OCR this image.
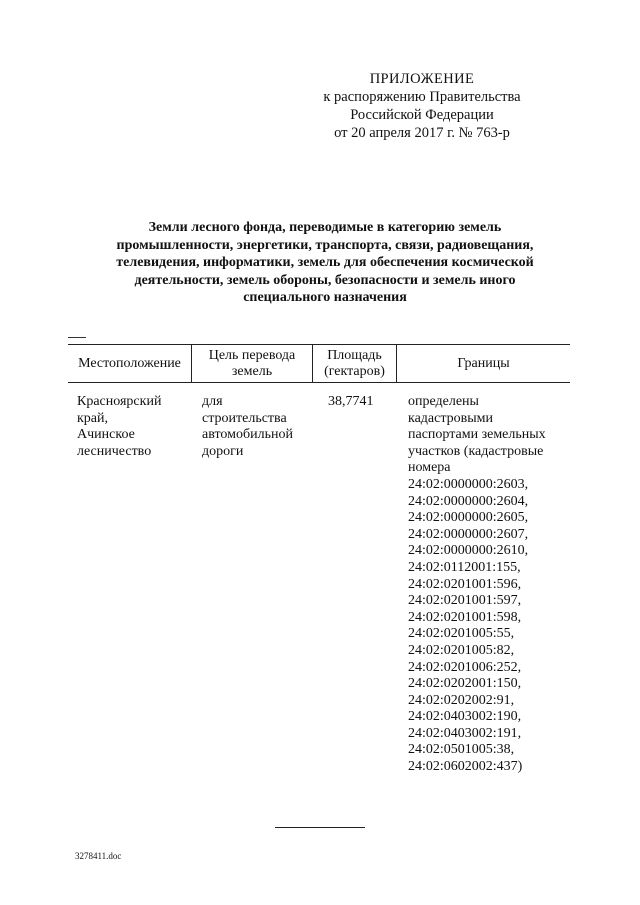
ПРИЛОЖЕНИЕ
к распоряжению Правительства
Российской Федерации
от 20 апреля 2017 г. № 763-р
Земли лесного фонда, переводимые в категорию земель
промышленности, энергетики, транспорта, связи, радиовещания,
телевидения, информатики, земель для обеспечения космической
деятельности, земель обороны, безопасности и земель иного
специального назначения
Местоположение
Цель перевода
земель
Площадь
(гектаров)
Границы
Красноярский
край,
Ачинское
лесничество
для
строительства
автомобильной
дороги
38,7741 определены
кадастровыми
паспортами земельных
участков (кадастровые
номера
24:02:0000000:2603,
24:02:0000000:2604,
24:02:0000000:2605,
24:02:0000000:2607,
24:02:0000000:2610,
24:02:0112001:155,
24:02:0201001:596,
24:02:0201001:597,
24:02:0201001:598,
24:02:0201005:55,
24:02:0201005:82,
24:02:0201006:252,
24:02:0202001:150,
24:02:0202002:91,
24:02:0403002:190,
24:02:0403002:191,
24:02:0501005:38,
24:02:0602002:437)
3278411.doc
